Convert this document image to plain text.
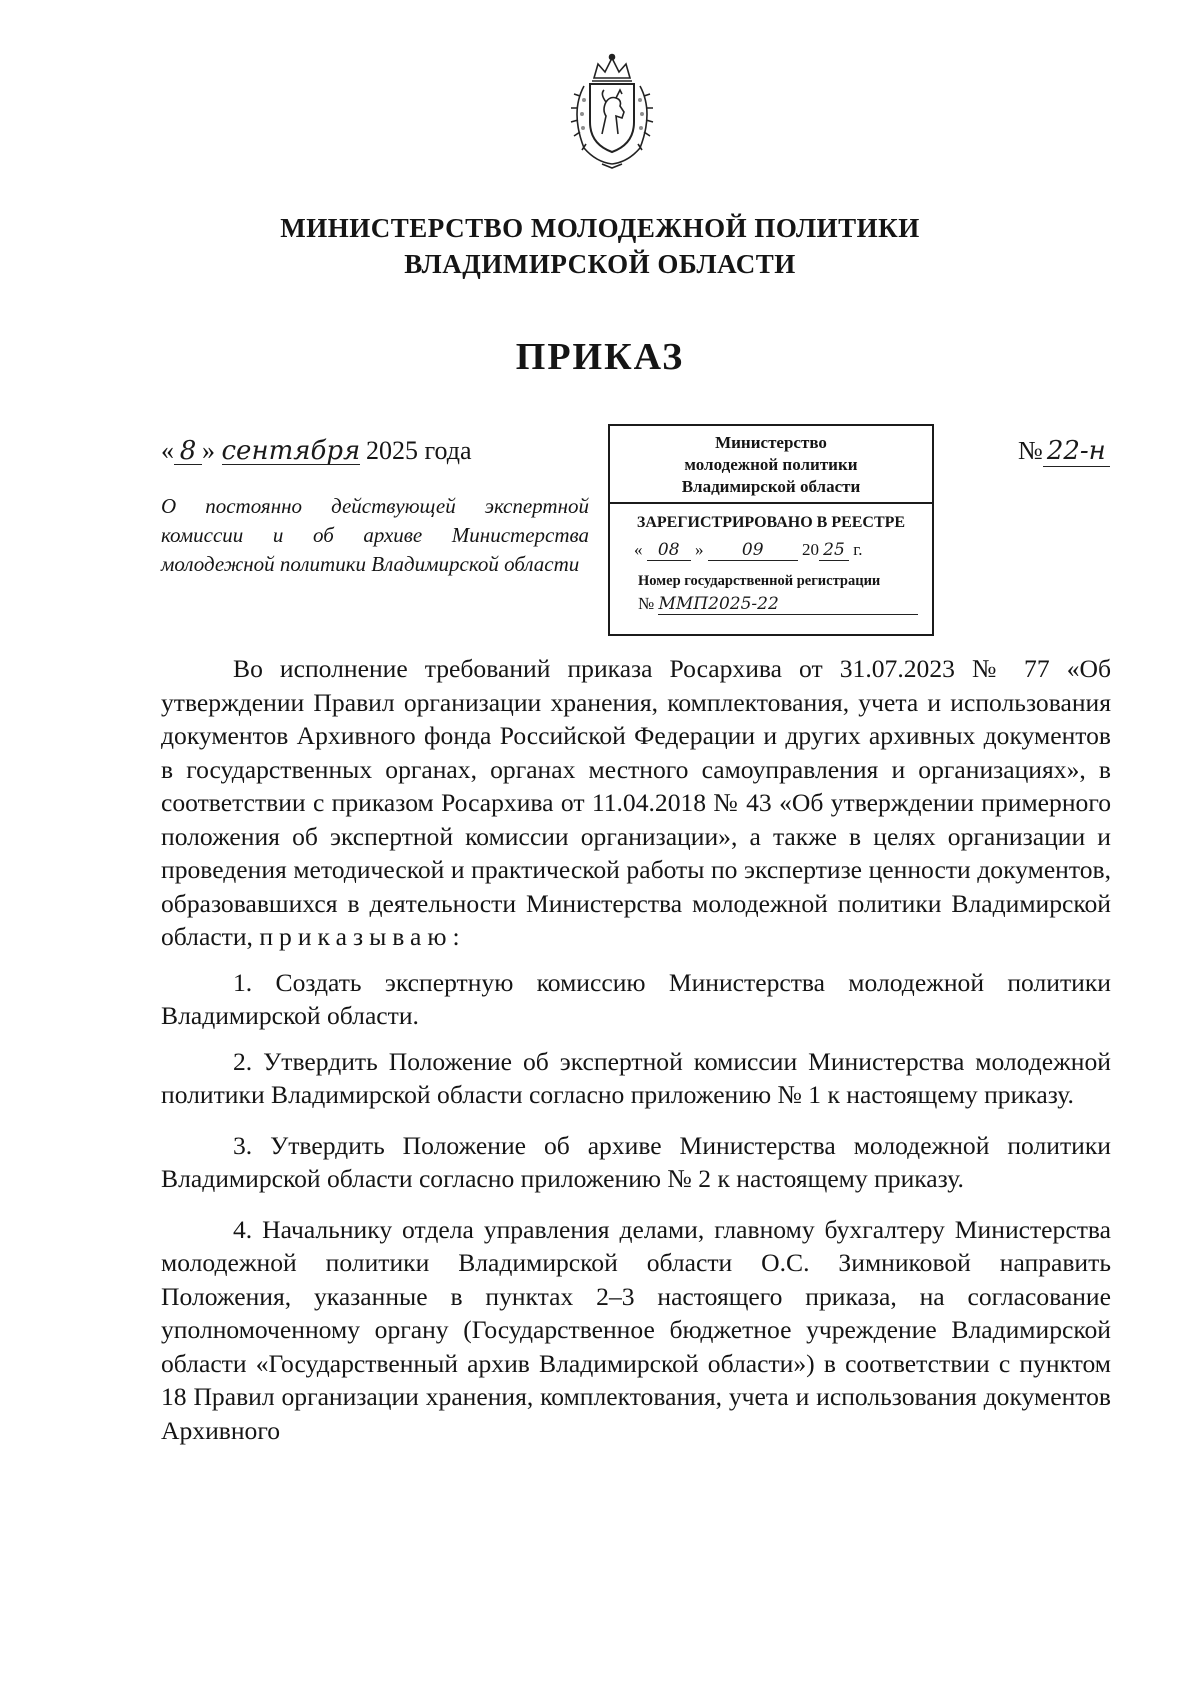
МИНИСТЕРСТВО МОЛОДЕЖНОЙ ПОЛИТИКИ
ВЛАДИМИРСКОЙ ОБЛАСТИ
ПРИКАЗ
« 8 » сентября 2025 года
О постоянно действующей экспертной комиссии и об архиве Министерства молодежной политики Владимирской области
Министерство
молодежной политики
Владимирской области
ЗАРЕГИСТРИРОВАНО В РЕЕСТРЕ
« 08 » 09 20 25 г.
Номер государственной регистрации
№ ММП2025-22
№ 22-н

Во исполнение требований приказа Росархива от 31.07.2023 № 77 «Об утверждении Правил организации хранения, комплектования, учета и использования документов Архивного фонда Российской Федерации и других архивных документов в государственных органах, органах местного самоуправления и организациях», в соответствии с приказом Росархива от 11.04.2018 № 43 «Об утверждении примерного положения об экспертной комиссии организации», а также в целях организации и проведения методической и практической работы по экспертизе ценности документов, образовавшихся в деятельности Министерства молодежной политики Владимирской области, приказываю:

1. Создать экспертную комиссию Министерства молодежной политики Владимирской области.

2. Утвердить Положение об экспертной комиссии Министерства молодежной политики Владимирской области согласно приложению № 1 к настоящему приказу.

3. Утвердить Положение об архиве Министерства молодежной политики Владимирской области согласно приложению № 2 к настоящему приказу.

4. Начальнику отдела управления делами, главному бухгалтеру Министерства молодежной политики Владимирской области О.С. Зимниковой направить Положения, указанные в пунктах 2–3 настоящего приказа, на согласование уполномоченному органу (Государственное бюджетное учреждение Владимирской области «Государственный архив Владимирской области») в соответствии с пунктом 18 Правил организации хранения, комплектования, учета и использования документов Архивного
